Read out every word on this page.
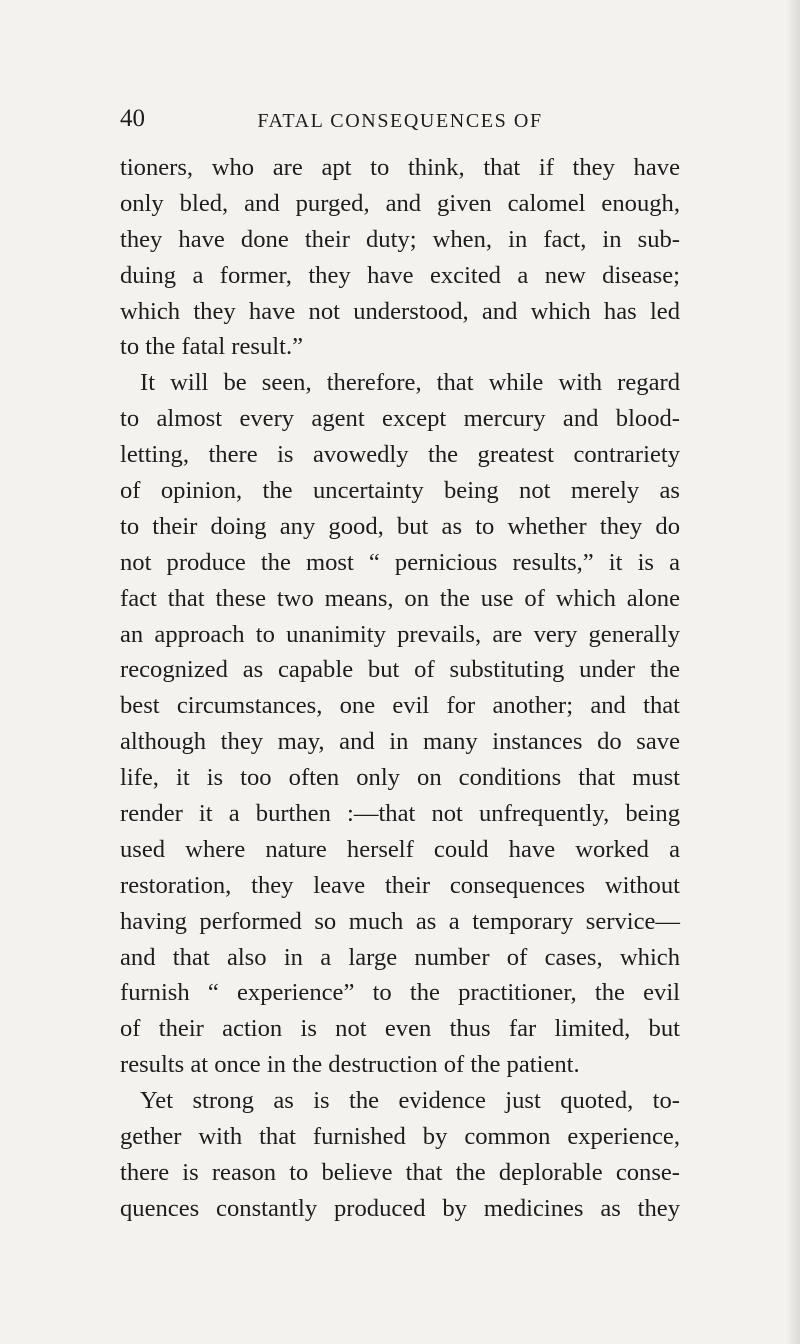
40	FATAL CONSEQUENCES OF
tioners, who are apt to think, that if they have
only bled, and purged, and given calomel enough,
they have done their duty; when, in fact, in sub-
duing a former, they have excited a new disease;
which they have not understood, and which has led
to the fatal result.”
It will be seen, therefore, that while with regard
to almost every agent except mercury and blood-
letting, there is avowedly the greatest contrariety
of opinion, the uncertainty being not merely as
to their doing any good, but as to whether they do
not produce the most “ pernicious results,” it is a
fact that these two means, on the use of which alone
an approach to unanimity prevails, are very generally
recognized as capable but of substituting under the
best circumstances, one evil for another; and that
although they may, and in many instances do save
life, it is too often only on conditions that must
render it a burthen :—that not unfrequently, being
used where nature herself could have worked a
restoration, they leave their consequences without
having performed so much as a temporary service—
and that also in a large number of cases, which
furnish “ experience” to the practitioner, the evil
of their action is not even thus far limited, but
results at once in the destruction of the patient.
Yet strong as is the evidence just quoted, to-
gether with that furnished by common experience,
there is reason to believe that the deplorable conse-
quences constantly produced by medicines as they
